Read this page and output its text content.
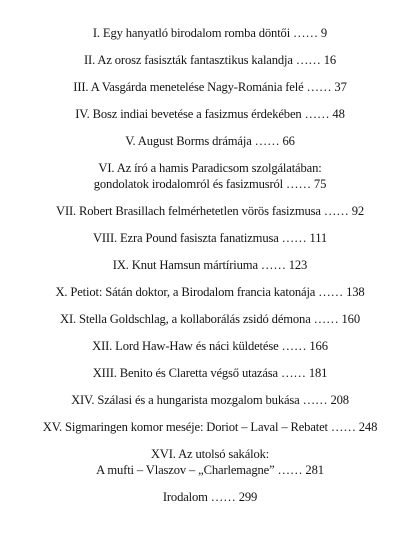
I. Egy hanyatló birodalom romba döntői …… 9
II. Az orosz fasiszták fantasztikus kalandja …… 16
III. A Vasgárda menetelése Nagy-Románia felé …… 37
IV. Bosz indiai bevetése a fasizmus érdekében …… 48
V. August Borms drámája …… 66
VI. Az író a hamis Paradicsom szolgálatában:
gondolatok irodalomról és fasizmusról …… 75
VII. Robert Brasillach felmérhetetlen vörös fasizmusa …… 92
VIII. Ezra Pound fasiszta fanatizmusa …… 111
IX. Knut Hamsun mártíriuma …… 123
X. Petiot: Sátán doktor, a Birodalom francia katonája …… 138
XI. Stella Goldschlag, a kollaborálás zsidó démona …… 160
XII. Lord Haw-Haw és náci küldetése …… 166
XIII. Benito és Claretta végső utazása …… 181
XIV. Szálasi és a hungarista mozgalom bukása …… 208
XV. Sigmaringen komor meséje: Doriot – Laval – Rebatet …… 248
XVI. Az utolsó sakálok:
A mufti – Vlaszov – „Charlemagne” …… 281
Irodalom …… 299
